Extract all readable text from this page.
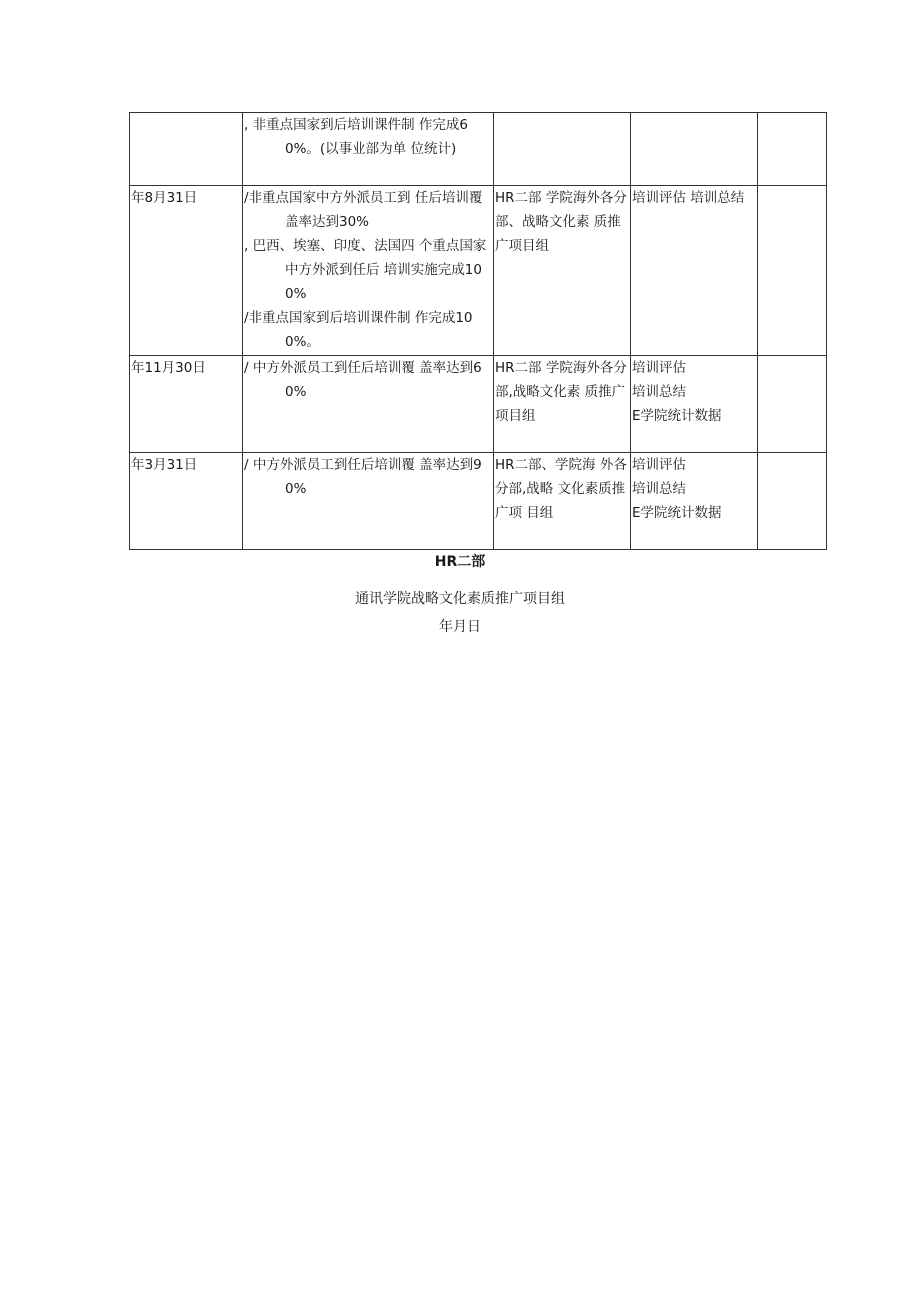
	, 非重点国家到后培训课件制 作完成60%。(以事业部为单 位统计)			

年8月31日	/非重点国家中方外派员工到 任后培训覆盖率达到30%
, 巴西、埃塞、印度、法国四 个重点国家中方外派到任后 培训实施完成100%
/非重点国家到后培训课件制 作完成100%。	HR二部 学院海外各分 部、战略文化素 质推广项目组	培训评估 培训总结	

年11月30日	/ 中方外派员工到任后培训覆 盖率达到60%	HR二部 学院海外各分 部,战略文化素 质推广项目组	培训评估
培训总结
E学院统计数据	

年3月31日	/ 中方外派员工到任后培训覆 盖率达到90%	HR二部、学院海 外各分部,战略 文化素质推广项 目组	培训评估
培训总结
E学院统计数据	

HR二部
通讯学院战略文化素质推广项目组
年月日
